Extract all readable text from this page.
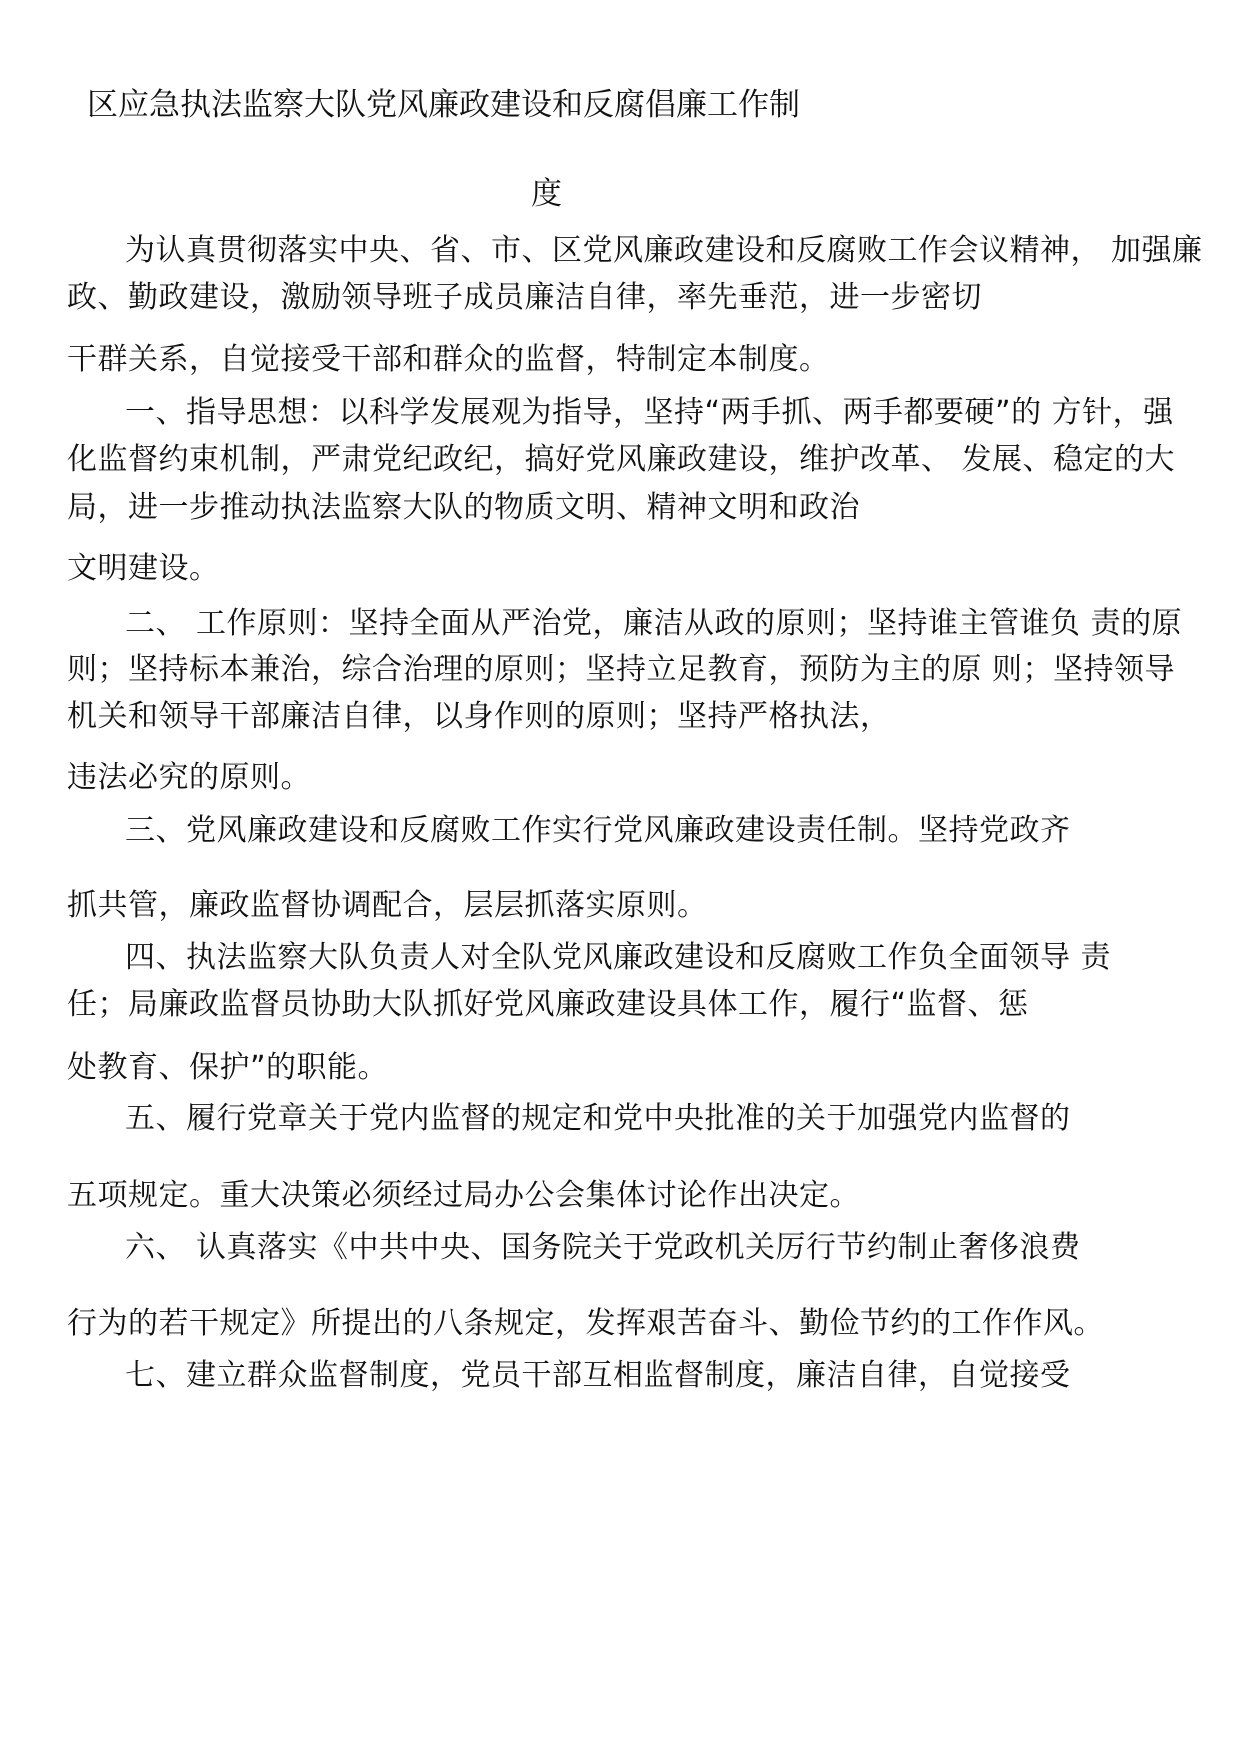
区应急执法监察大队党风廉政建设和反腐倡廉工作制
度
为认真贯彻落实中央、省、市、区党风廉政建设和反腐败工作会议精神， 加强廉
政、勤政建设，激励领导班子成员廉洁自律，率先垂范，进一步密切
干群关系，自觉接受干部和群众的监督，特制定本制度。
一、指导思想：以科学发展观为指导，坚持“两手抓、两手都要硬”的 方针，强
化监督约束机制，严肃党纪政纪，搞好党风廉政建设，维护改革、 发展、稳定的大
局，进一步推动执法监察大队的物质文明、精神文明和政治
文明建设。
二、 工作原则：坚持全面从严治党，廉洁从政的原则；坚持谁主管谁负 责的原
则；坚持标本兼治，综合治理的原则；坚持立足教育，预防为主的原 则；坚持领导
机关和领导干部廉洁自律，以身作则的原则；坚持严格执法，
违法必究的原则。
三、党风廉政建设和反腐败工作实行党风廉政建设责任制。坚持党政齐
抓共管，廉政监督协调配合，层层抓落实原则。
四、执法监察大队负责人对全队党风廉政建设和反腐败工作负全面领导 责
任；局廉政监督员协助大队抓好党风廉政建设具体工作，履行“监督、惩
处教育、保护”的职能。
五、履行党章关于党内监督的规定和党中央批准的关于加强党内监督的
五项规定。重大决策必须经过局办公会集体讨论作出决定。
六、 认真落实《中共中央、国务院关于党政机关厉行节约制止奢侈浪费
行为的若干规定》所提出的八条规定，发挥艰苦奋斗、勤俭节约的工作作风。
七、建立群众监督制度，党员干部互相监督制度，廉洁自律，自觉接受
